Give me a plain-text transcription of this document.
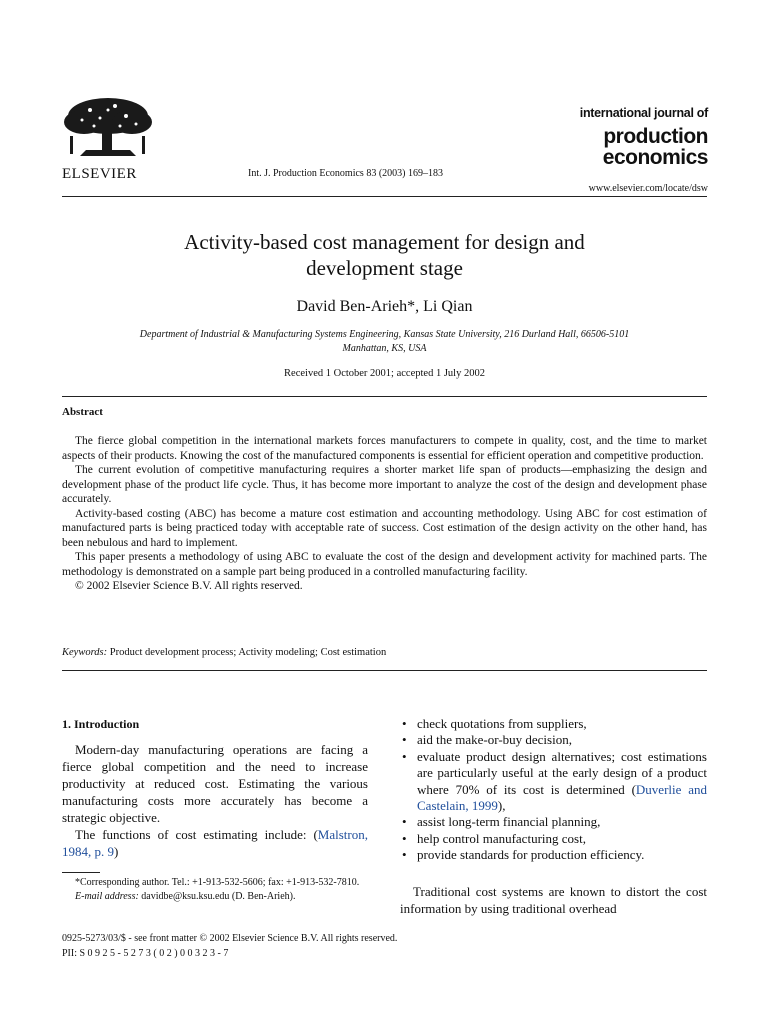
ELSEVIER	Int. J. Production Economics 83 (2003) 169–183
international journal of
production
economics
www.elsevier.com/locate/dsw
Activity-based cost management for design and
development stage
David Ben-Arieh*, Li Qian
Department of Industrial & Manufacturing Systems Engineering, Kansas State University, 216 Durland Hall, 66506-5101
Manhattan, KS, USA
Received 1 October 2001; accepted 1 July 2002
Abstract

The fierce global competition in the international markets forces manufacturers to compete in quality, cost, and the time to market aspects of their products. Knowing the cost of the manufactured components is essential for efficient operation and competitive production.

The current evolution of competitive manufacturing requires a shorter market life span of products—emphasizing the design and development phase of the product life cycle. Thus, it has become more important to analyze the cost of the design and development phase accurately.

Activity-based costing (ABC) has become a mature cost estimation and accounting methodology. Using ABC for cost estimation of manufactured parts is being practiced today with acceptable rate of success. Cost estimation of the design activity on the other hand, has been nebulous and hard to implement.

This paper presents a methodology of using ABC to evaluate the cost of the design and development activity for machined parts. The methodology is demonstrated on a sample part being produced in a controlled manufacturing facility.

© 2002 Elsevier Science B.V. All rights reserved.

Keywords: Product development process; Activity modeling; Cost estimation
1. Introduction

Modern-day manufacturing operations are facing a fierce global competition and the need to increase productivity at reduced cost. Estimating the various manufacturing costs more accurately has become a strategic objective.

The functions of cost estimating include: (Malstron, 1984, p. 9)

*Corresponding author. Tel.: +1-913-532-5606; fax: +1-913-532-7810.

E-mail address: davidbe@ksu.ksu.edu (D. Ben-Arieh).

• check quotations from suppliers,
• aid the make-or-buy decision,
• evaluate product design alternatives; cost estimations are particularly useful at the early design of a product where 70% of its cost is determined (Duverlie and Castelain, 1999),
• assist long-term financial planning,
• help control manufacturing cost,
• provide standards for production efficiency.
Traditional cost systems are known to distort the cost information by using traditional overhead
0925-5273/03/$ - see front matter © 2002 Elsevier Science B.V. All rights reserved.
PII: S 0 9 2 5 - 5 2 7 3 ( 0 2 ) 0 0 3 2 3 - 7
